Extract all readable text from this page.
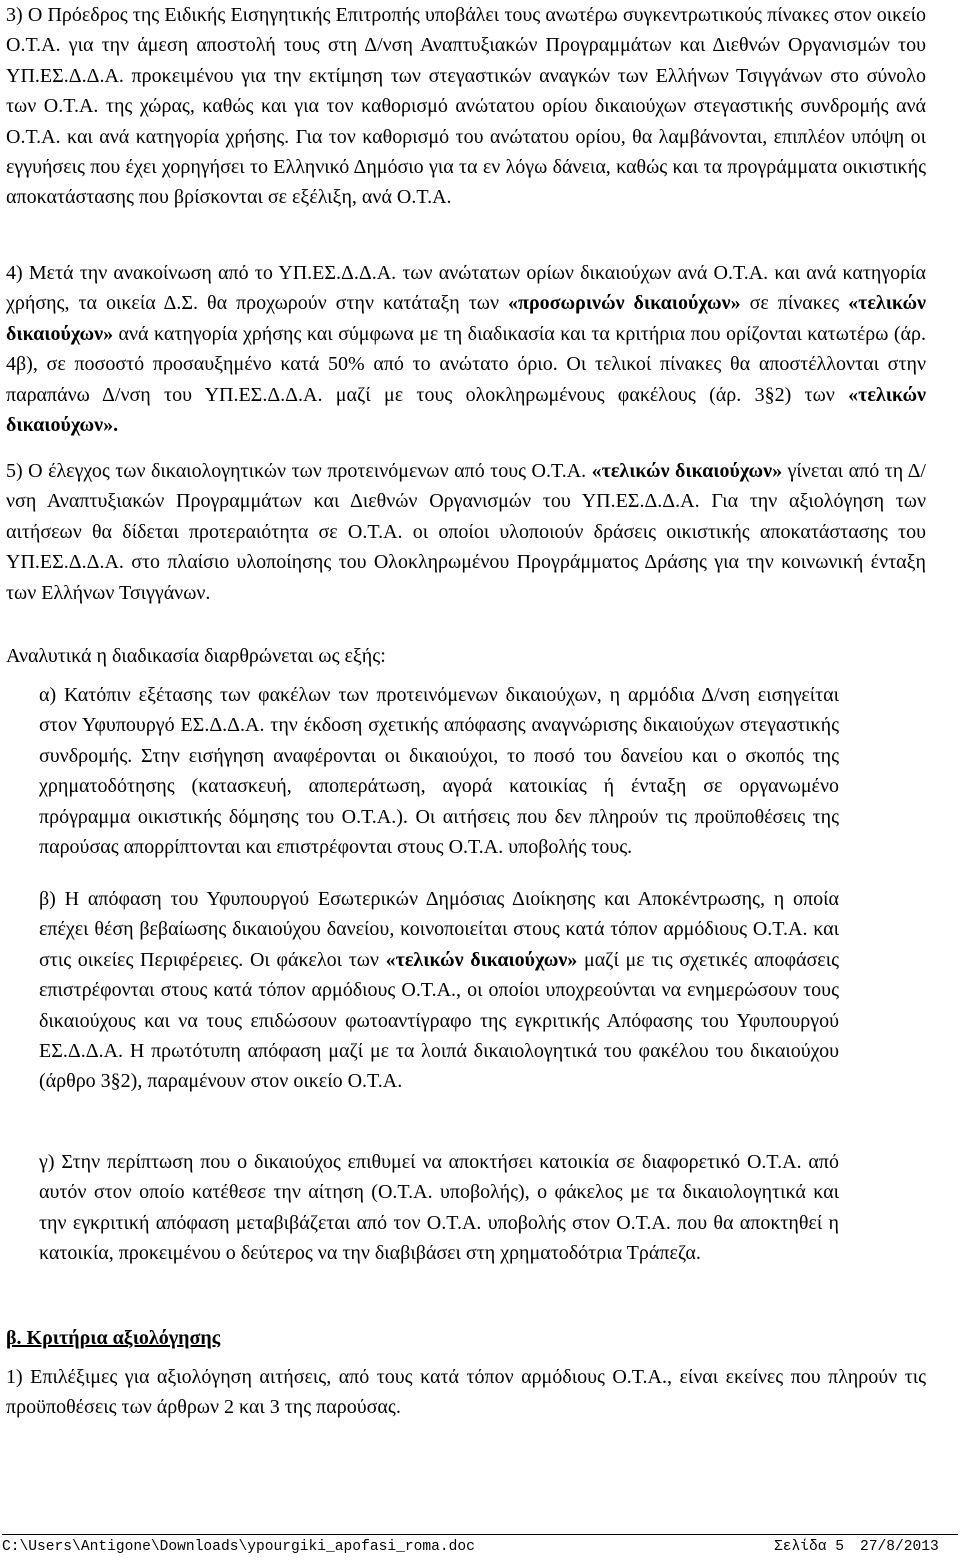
3) Ο Πρόεδρος της Ειδικής Εισηγητικής Επιτροπής υποβάλει τους ανωτέρω συγκεντρωτικούς πίνακες στον οικείο Ο.Τ.Α. για την άμεση αποστολή τους στη Δ/νση Αναπτυξιακών Προγραμμάτων και Διεθνών Οργανισμών του ΥΠ.ΕΣ.Δ.Δ.Α. προκειμένου για την εκτίμηση των στεγαστικών αναγκών των Ελλήνων Τσιγγάνων στο σύνολο των Ο.Τ.Α. της χώρας, καθώς και για τον καθορισμό ανώτατου ορίου δικαιούχων στεγαστικής συνδρομής ανά Ο.Τ.Α. και ανά κατηγορία χρήσης. Για τον καθορισμό του ανώτατου ορίου, θα λαμβάνονται, επιπλέον υπόψη οι εγγυήσεις που έχει χορηγήσει το Ελληνικό Δημόσιο για τα εν λόγω δάνεια, καθώς και τα προγράμματα οικιστικής αποκατάστασης που βρίσκονται σε εξέλιξη, ανά Ο.Τ.Α.

4) Μετά την ανακοίνωση από το ΥΠ.ΕΣ.Δ.Δ.Α. των ανώτατων ορίων δικαιούχων ανά Ο.Τ.Α. και ανά κατηγορία χρήσης, τα οικεία Δ.Σ. θα προχωρούν στην κατάταξη των «προσωρινών δικαιούχων» σε πίνακες «τελικών δικαιούχων» ανά κατηγορία χρήσης και σύμφωνα με τη διαδικασία και τα κριτήρια που ορίζονται κατωτέρω (άρ. 4β), σε ποσοστό προσαυξημένο κατά 50% από το ανώτατο όριο. Οι τελικοί πίνακες θα αποστέλλονται στην παραπάνω Δ/νση του ΥΠ.ΕΣ.Δ.Δ.Α. μαζί με τους ολοκληρωμένους φακέλους (άρ. 3§2) των «τελικών δικαιούχων».

5) Ο έλεγχος των δικαιολογητικών των προτεινόμενων από τους Ο.Τ.Α. «τελικών δικαιούχων» γίνεται από τη Δ/νση Αναπτυξιακών Προγραμμάτων και Διεθνών Οργανισμών του ΥΠ.ΕΣ.Δ.Δ.Α. Για την αξιολόγηση των αιτήσεων θα δίδεται προτεραιότητα σε Ο.Τ.Α. οι οποίοι υλοποιούν δράσεις οικιστικής αποκατάστασης του ΥΠ.ΕΣ.Δ.Δ.Α. στο πλαίσιο υλοποίησης του Ολοκληρωμένου Προγράμματος Δράσης για την κοινωνική ένταξη των Ελλήνων Τσιγγάνων.

Αναλυτικά η διαδικασία διαρθρώνεται ως εξής:

α) Κατόπιν εξέτασης των φακέλων των προτεινόμενων δικαιούχων, η αρμόδια Δ/νση εισηγείται στον Υφυπουργό ΕΣ.Δ.Δ.Α. την έκδοση σχετικής απόφασης αναγνώρισης δικαιούχων στεγαστικής συνδρομής. Στην εισήγηση αναφέρονται οι δικαιούχοι, το ποσό του δανείου και ο σκοπός της χρηματοδότησης (κατασκευή, αποπεράτωση, αγορά κατοικίας ή ένταξη σε οργανωμένο πρόγραμμα οικιστικής δόμησης του Ο.Τ.Α.). Οι αιτήσεις που δεν πληρούν τις προϋποθέσεις της παρούσας απορρίπτονται και επιστρέφονται στους Ο.Τ.Α. υποβολής τους.

β) Η απόφαση του Υφυπουργού Εσωτερικών Δημόσιας Διοίκησης και Αποκέντρωσης, η οποία επέχει θέση βεβαίωσης δικαιούχου δανείου, κοινοποιείται στους κατά τόπον αρμόδιους Ο.Τ.Α. και στις οικείες Περιφέρειες. Οι φάκελοι των «τελικών δικαιούχων» μαζί με τις σχετικές αποφάσεις επιστρέφονται στους κατά τόπον αρμόδιους Ο.Τ.Α., οι οποίοι υποχρεούνται να ενημερώσουν τους δικαιούχους και να τους επιδώσουν φωτοαντίγραφο της εγκριτικής Απόφασης του Υφυπουργού ΕΣ.Δ.Δ.Α. Η πρωτότυπη απόφαση μαζί με τα λοιπά δικαιολογητικά του φακέλου του δικαιούχου (άρθρο 3§2), παραμένουν στον οικείο Ο.Τ.Α.

γ) Στην περίπτωση που ο δικαιούχος επιθυμεί να αποκτήσει κατοικία σε διαφορετικό Ο.Τ.Α. από αυτόν στον οποίο κατέθεσε την αίτηση (Ο.Τ.Α. υποβολής), ο φάκελος με τα δικαιολογητικά και την εγκριτική απόφαση μεταβιβάζεται από τον Ο.Τ.Α. υποβολής στον Ο.Τ.Α. που θα αποκτηθεί η κατοικία, προκειμένου ο δεύτερος να την διαβιβάσει στη χρηματοδότρια Τράπεζα.

β. Κριτήρια αξιολόγησης

1) Επιλέξιμες για αξιολόγηση αιτήσεις, από τους κατά τόπον αρμόδιους Ο.Τ.Α., είναι εκείνες που πληρούν τις προϋποθέσεις των άρθρων 2 και 3 της παρούσας.

C:\Users\Antigone\Downloads\ypourgiki_apofasi_roma.doc	Σελίδα 5 27/8/2013
